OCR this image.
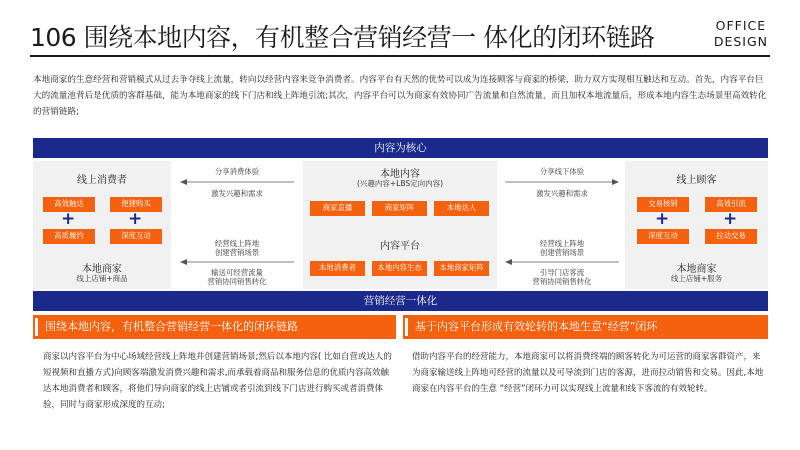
106 围绕本地内容，有机整合营销经营一 体化的闭环链路	OFFICE
DESIGN
本地商家的生意经营和营销模式从过去争夺线上流量，转向以经营内容来竞争消费者。内容平台有天然的优势可以成为连接顾客与商家的桥梁，助力双方实现相互触达和互动。首先，内容平台巨大的流量池背后是优质的客群基础，能为本地商家的线下门店和线上阵地引流;其次，内容平台可以为商家有效协同广告流量和自然流量，而且加权本地流量后，形成本地内容生态场景里高效转化的营销链路;
内容为核心
线上消费者
高效触达	便捷购买
+	+
高质履约	深度互动
本地商家
线上店铺+商品
分享消费体验
激发兴趣和需求
经营线上阵地
创建营销场景
输送可经营流量
营销协同销售转化
本地内容
(兴趣内容+LBS定向内容)
商家直播	商家矩阵	本地达人
内容平台
本地消费者	本地内容生态	本地商家矩阵
分享线下体验
激发兴趣和需求
经营线上阵地
创建营销场景
引导门店客流
营销协同销售转化
线上顾客
交易核销	高效引流
+	+
深度互动	拉动交易
本地商家
线上店铺+服务
营销经营一体化
围绕本地内容，有机整合营销经营一体化的闭环链路	基于内容平台形成有效轮转的本地生意“经营”闭环
商家以内容平台为中心场域经营线上阵地并创建营销场景;然后以本地内容( 比如自营或达人的短视频和直播方式)向顾客端激发消费兴趣和需求,而承载着商品和服务信息的优质内容高效触达本地消费者和顾客，将他们导向商家的线上店铺或者引流到线下门店进行购买或者消费体验，同时与商家形成深度的互动;
借助内容平台的经营能力，本地商家可以将消费终端的顾客转化为可运营的商家客群资产，来为商家输送线上阵地可经营的流量以及可导流到门店的客源，进而拉动销售和交易。因此,本地商家在内容平台的生意 “经营”闭环力可以实现线上流量和线下客流的有效轮转。
